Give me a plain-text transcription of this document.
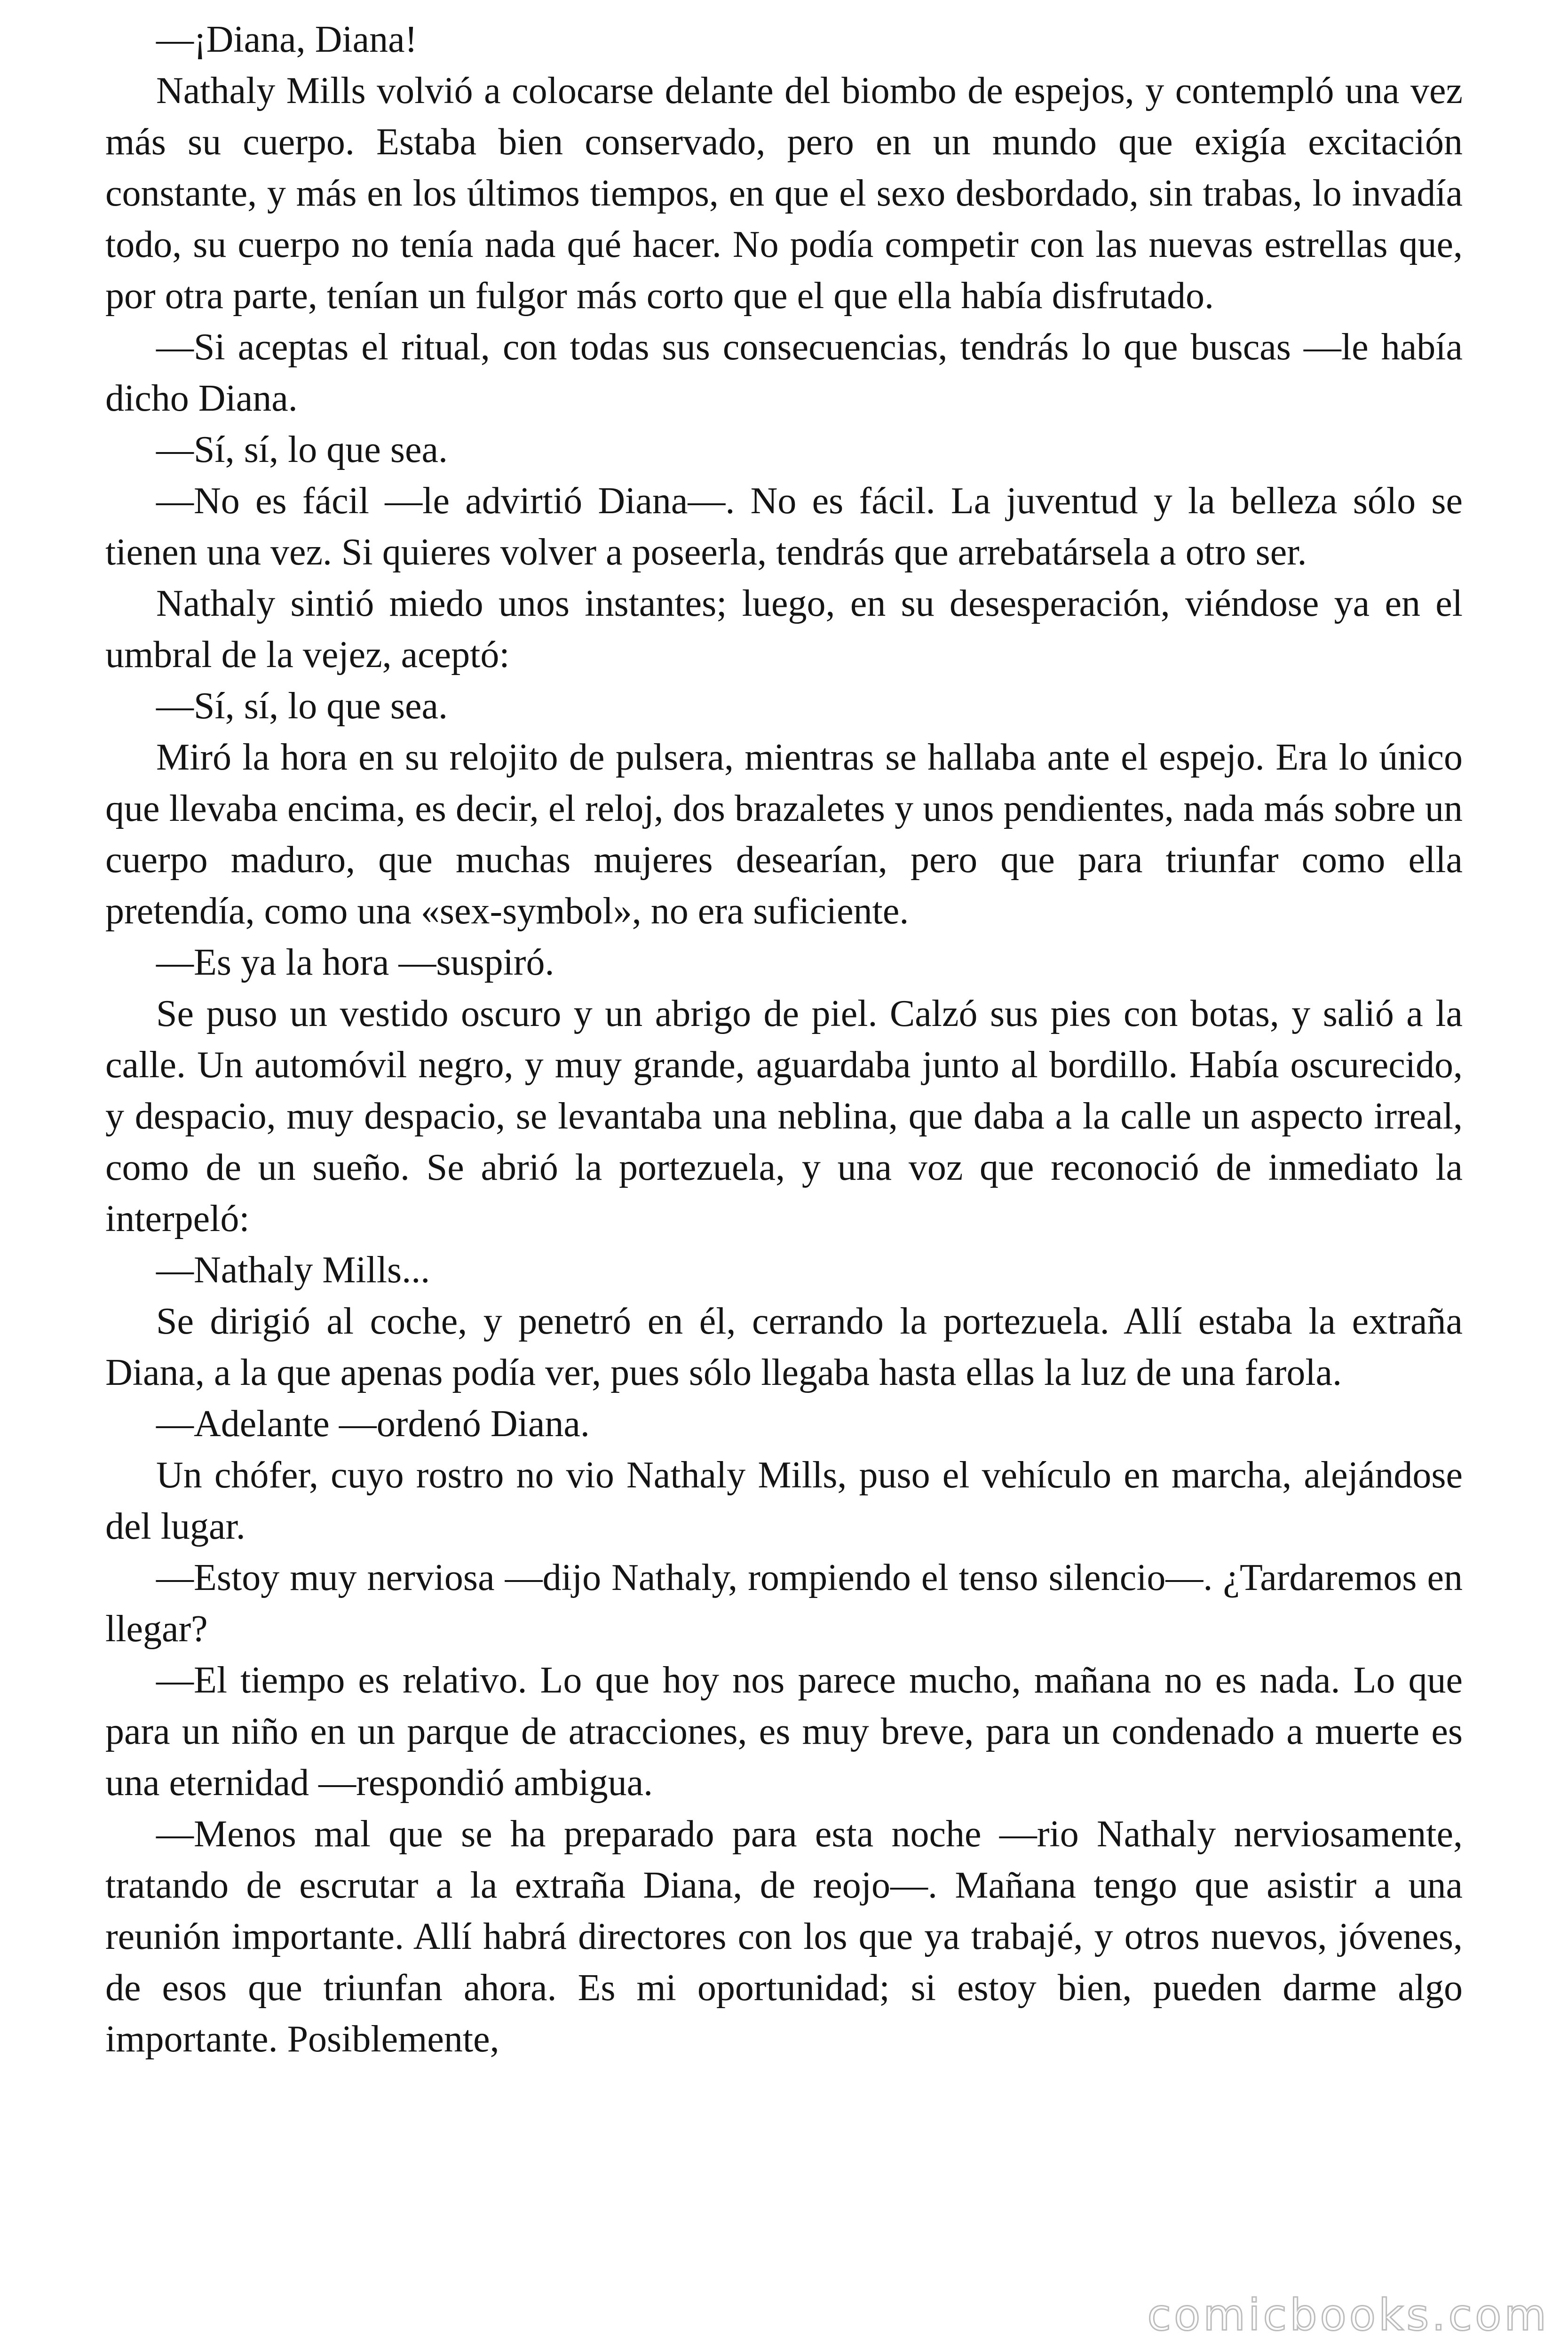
—¡Diana, Diana!

Nathaly Mills volvió a colocarse delante del biombo de espejos, y contempló una vez más su cuerpo. Estaba bien conservado, pero en un mundo que exigía excitación constante, y más en los últimos tiempos, en que el sexo desbordado, sin trabas, lo invadía todo, su cuerpo no tenía nada qué hacer. No podía competir con las nuevas estrellas que, por otra parte, tenían un fulgor más corto que el que ella había disfrutado.

—Si aceptas el ritual, con todas sus consecuencias, tendrás lo que buscas —le había dicho Diana.

—Sí, sí, lo que sea.

—No es fácil —le advirtió Diana—. No es fácil. La juventud y la belleza sólo se tienen una vez. Si quieres volver a poseerla, tendrás que arrebatársela a otro ser.

Nathaly sintió miedo unos instantes; luego, en su desesperación, viéndose ya en el umbral de la vejez, aceptó:

—Sí, sí, lo que sea.

Miró la hora en su relojito de pulsera, mientras se hallaba ante el espejo. Era lo único que llevaba encima, es decir, el reloj, dos brazaletes y unos pendientes, nada más sobre un cuerpo maduro, que muchas mujeres desearían, pero que para triunfar como ella pretendía, como una «sex-symbol», no era suficiente.

—Es ya la hora —suspiró.

Se puso un vestido oscuro y un abrigo de piel. Calzó sus pies con botas, y salió a la calle. Un automóvil negro, y muy grande, aguardaba junto al bordillo. Había oscurecido, y despacio, muy despacio, se levantaba una neblina, que daba a la calle un aspecto irreal, como de un sueño. Se abrió la portezuela, y una voz que reconoció de inmediato la interpeló:

—Nathaly Mills...

Se dirigió al coche, y penetró en él, cerrando la portezuela. Allí estaba la extraña Diana, a la que apenas podía ver, pues sólo llegaba hasta ellas la luz de una farola.

—Adelante —ordenó Diana.

Un chófer, cuyo rostro no vio Nathaly Mills, puso el vehículo en marcha, alejándose del lugar.

—Estoy muy nerviosa —dijo Nathaly, rompiendo el tenso silencio—. ¿Tardaremos en llegar?

—El tiempo es relativo. Lo que hoy nos parece mucho, mañana no es nada. Lo que para un niño en un parque de atracciones, es muy breve, para un condenado a muerte es una eternidad —respondió ambigua.

—Menos mal que se ha preparado para esta noche —rio Nathaly nerviosamente, tratando de escrutar a la extraña Diana, de reojo—. Mañana tengo que asistir a una reunión importante. Allí habrá directores con los que ya trabajé, y otros nuevos, jóvenes, de esos que triunfan ahora. Es mi oportunidad; si estoy bien, pueden darme algo importante. Posiblemente,

comicbooks.com
